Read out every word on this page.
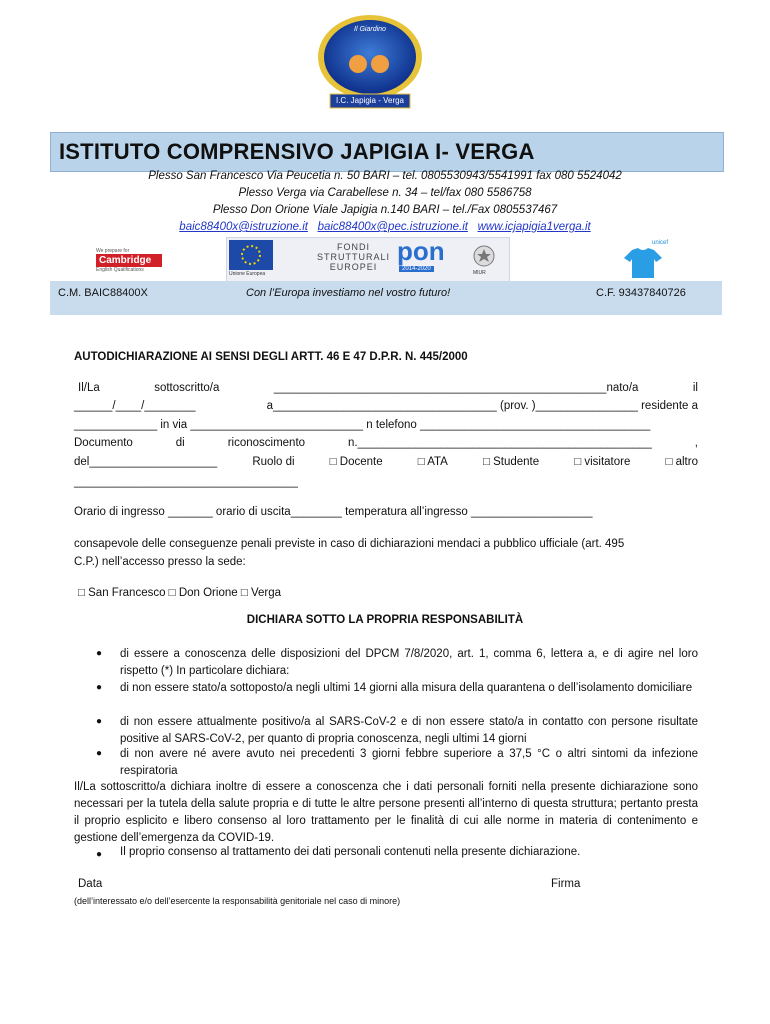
Il Giardino
I.C. Japigia - Verga
ISTITUTO COMPRENSIVO JAPIGIA I- VERGA
Plesso San Francesco Via Peucetia n. 50 BARI – tel. 0805530943/5541991 fax 080 5524042
Plesso Verga via Carabellese n. 34 – tel/fax 080 5586758
Plesso Don Orione Viale Japigia n.140 BARI – tel./Fax 0805537467
baic88400x@istruzione.it baic88400x@pec.istruzione.it www.icjapigia1verga.it
We prepare for
Cambridge
English Qualifications
Unione Europea
FONDI
STRUTTURALI
EUROPEI
pon
2014-2020
MIUR
unicef
C.M. BAIC88400X	Con l’Europa investiamo nel vostro futuro!	C.F. 93437840726
AUTODICHIARAZIONE AI SENSI DEGLI ARTT. 46 E 47 D.P.R. N. 445/2000
Il/La	sottoscritto/a	____________________________________________________nato/a	il
______/____/________	a___________________________________ (prov. )________________ residente a
_____________ in via ___________________________ n telefono ____________________________________
Documento	di	riconoscimento	n.______________________________________________	,
del____________________	Ruolo di	□ Docente	□ ATA	□ Studente	□ visitatore	□ altro
___________________________________
Orario di ingresso _______ orario di uscita________ temperatura all’ingresso ___________________
consapevole delle conseguenze penali previste in caso di dichiarazioni mendaci a pubblico ufficiale (art. 495
C.P.) nell’accesso presso la sede:
□ San Francesco □ Don Orione □ Verga
DICHIARA SOTTO LA PROPRIA RESPONSABILITÀ
● di essere a conoscenza delle disposizioni del DPCM 7/8/2020, art. 1, comma 6, lettera a, e di agire nel loro rispetto (*) In particolare dichiara:
● di non essere stato/a sottoposto/a negli ultimi 14 giorni alla misura della quarantena o dell’isolamento domiciliare
● di non essere attualmente positivo/a al SARS-CoV-2 e di non essere stato/a in contatto con persone risultate positive al SARS-CoV-2, per quanto di propria conoscenza, negli ultimi 14 giorni
● di non avere né avere avuto nei precedenti 3 giorni febbre superiore a 37,5 °C o altri sintomi da infezione respiratoria
Il/La sottoscritto/a dichiara inoltre di essere a conoscenza che i dati personali forniti nella presente dichiarazione sono necessari per la tutela della salute propria e di tutte le altre persone presenti all’interno di questa struttura; pertanto presta il proprio esplicito e libero consenso al loro trattamento per le finalità di cui alle norme in materia di contenimento e gestione dell’emergenza da COVID-19.
● Il proprio consenso al trattamento dei dati personali contenuti nella presente dichiarazione.
Data	Firma
(dell’interessato e/o dell’esercente la responsabilità genitoriale nel caso di minore)
